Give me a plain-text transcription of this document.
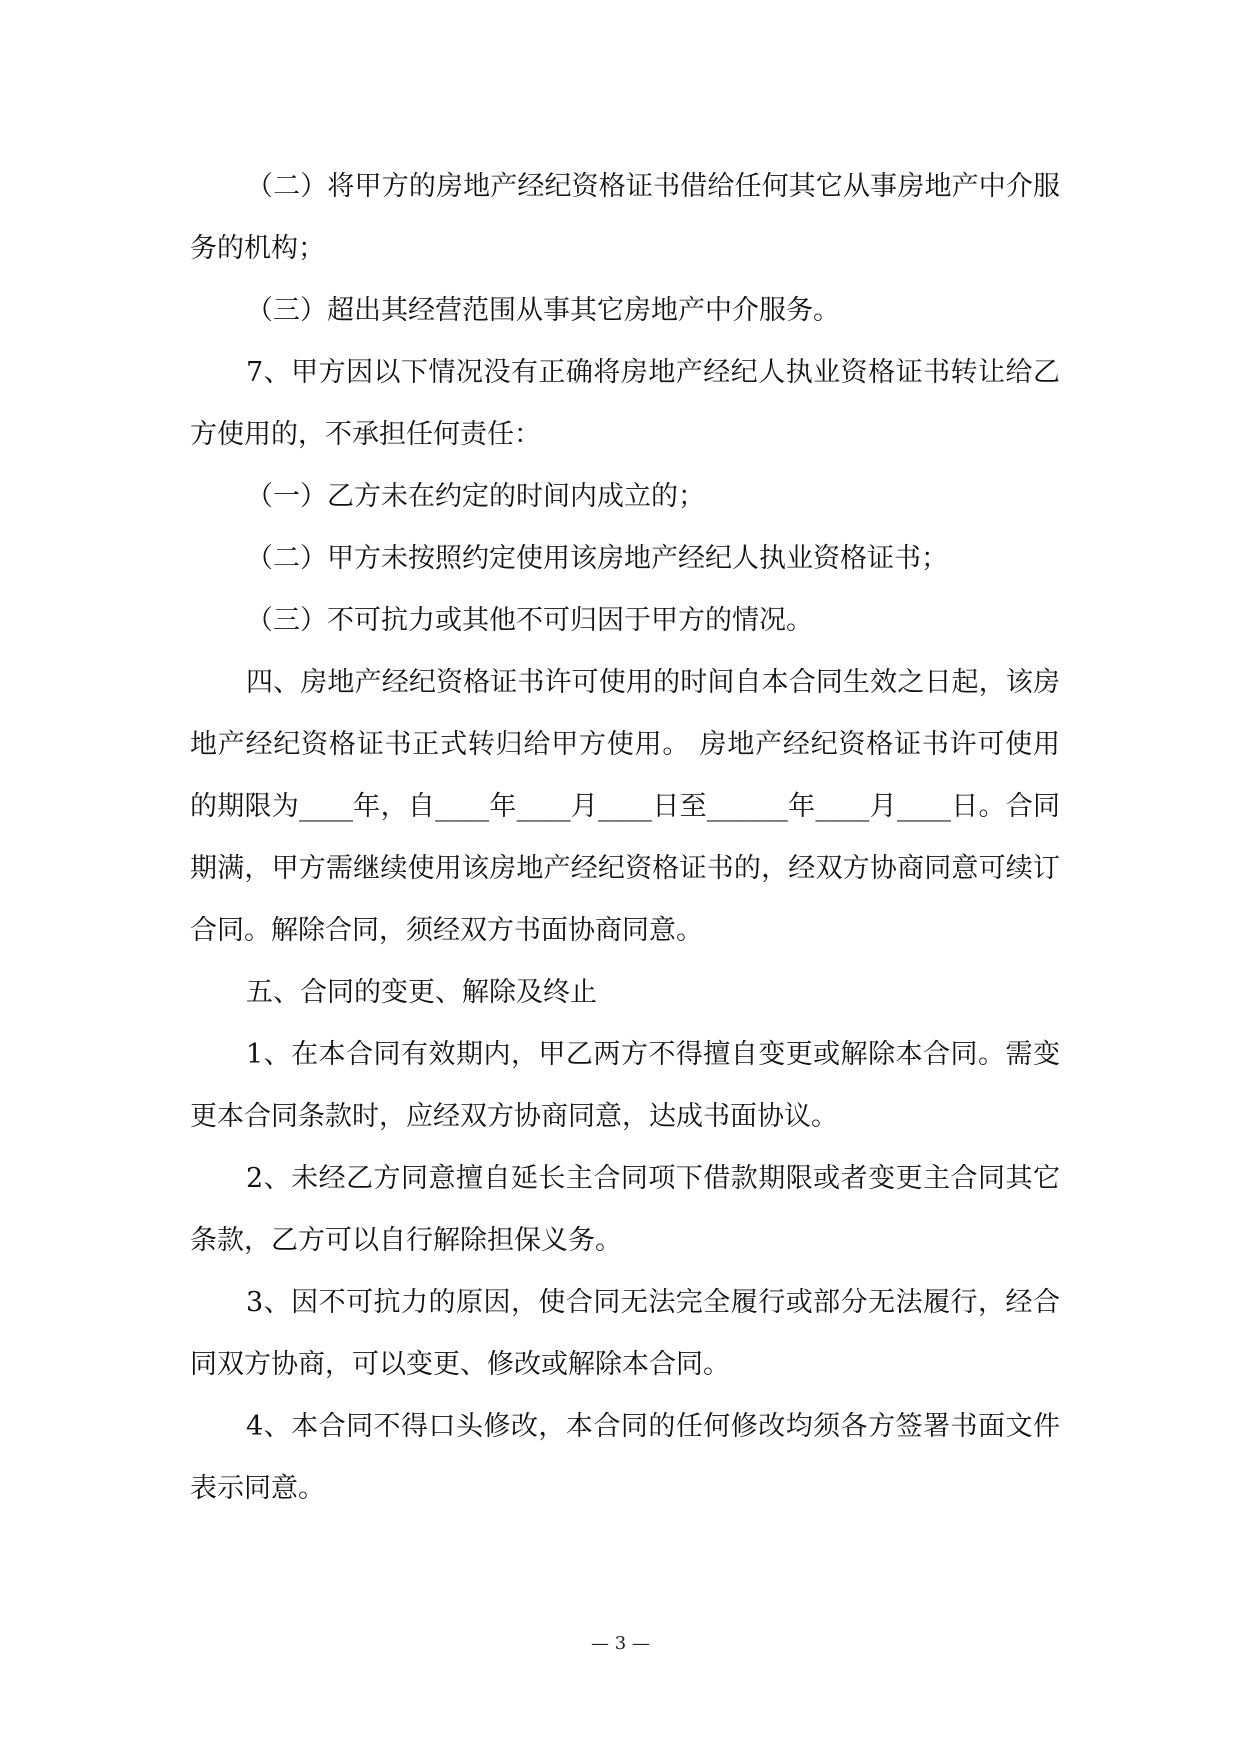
（二）将甲方的房地产经纪资格证书借给任何其它从事房地产中介服务的机构；

（三）超出其经营范围从事其它房地产中介服务。

7、甲方因以下情况没有正确将房地产经纪人执业资格证书转让给乙方使用的，不承担任何责任：

（一）乙方未在约定的时间内成立的；

（二）甲方未按照约定使用该房地产经纪人执业资格证书；

（三）不可抗力或其他不可归因于甲方的情况。

四、房地产经纪资格证书许可使用的时间自本合同生效之日起，该房地产经纪资格证书正式转归给甲方使用。 房地产经纪资格证书许可使用的期限为____年，自____年____月____日至______年____月____日。合同期满，甲方需继续使用该房地产经纪资格证书的，经双方协商同意可续订合同。解除合同，须经双方书面协商同意。

五、合同的变更、解除及终止

1、在本合同有效期内，甲乙两方不得擅自变更或解除本合同。需变更本合同条款时，应经双方协商同意，达成书面协议。

2、未经乙方同意擅自延长主合同项下借款期限或者变更主合同其它条款，乙方可以自行解除担保义务。

3、因不可抗力的原因，使合同无法完全履行或部分无法履行，经合同双方协商，可以变更、修改或解除本合同。

4、本合同不得口头修改，本合同的任何修改均须各方签署书面文件表示同意。

— 3 —
